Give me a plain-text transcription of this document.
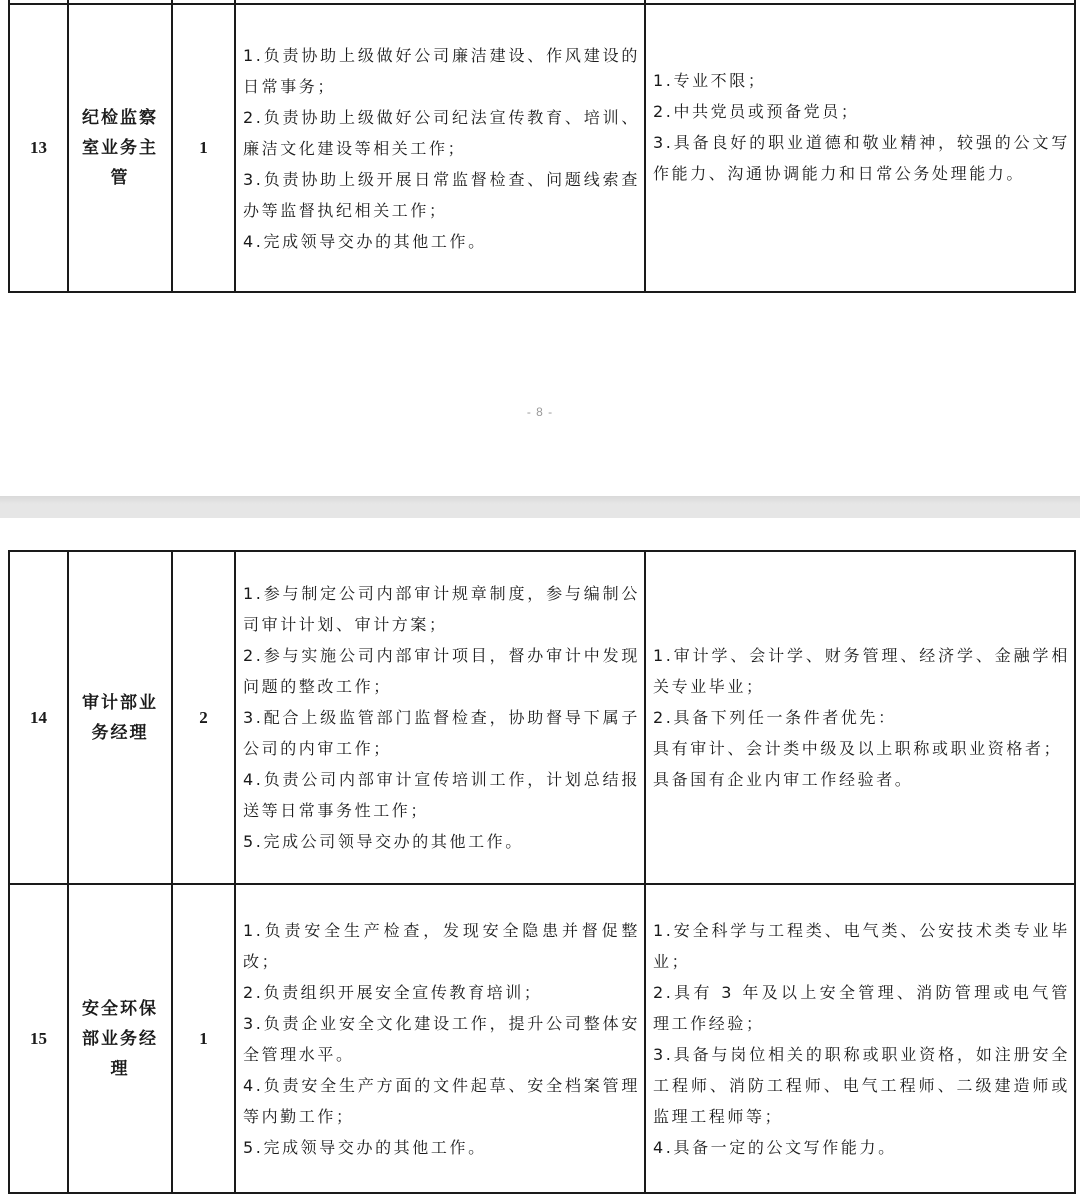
13	纪检监察室业务主管	1	1.负责协助上级做好公司廉洁建设、作风建设的日常事务；
2.负责协助上级做好公司纪法宣传教育、培训、廉洁文化建设等相关工作；
3.负责协助上级开展日常监督检查、问题线索查办等监督执纪相关工作；
4.完成领导交办的其他工作。	1.专业不限；
2.中共党员或预备党员；
3.具备良好的职业道德和敬业精神，较强的公文写作能力、沟通协调能力和日常公务处理能力。
- 8 -
14	审计部业务经理	2	1.参与制定公司内部审计规章制度，参与编制公司审计计划、审计方案；
2.参与实施公司内部审计项目，督办审计中发现问题的整改工作；
3.配合上级监管部门监督检查，协助督导下属子公司的内审工作；
4.负责公司内部审计宣传培训工作，计划总结报送等日常事务性工作；
5.完成公司领导交办的其他工作。	1.审计学、会计学、财务管理、经济学、金融学相关专业毕业；
2.具备下列任一条件者优先：
具有审计、会计类中级及以上职称或职业资格者；
具备国有企业内审工作经验者。

15	安全环保部业务经理	1	1.负责安全生产检查，发现安全隐患并督促整改；
2.负责组织开展安全宣传教育培训；
3.负责企业安全文化建设工作，提升公司整体安全管理水平。
4.负责安全生产方面的文件起草、安全档案管理等内勤工作；
5.完成领导交办的其他工作。	1.安全科学与工程类、电气类、公安技术类专业毕业；
2.具有 3 年及以上安全管理、消防管理或电气管理工作经验；
3.具备与岗位相关的职称或职业资格，如注册安全工程师、消防工程师、电气工程师、二级建造师或监理工程师等；
4.具备一定的公文写作能力。
